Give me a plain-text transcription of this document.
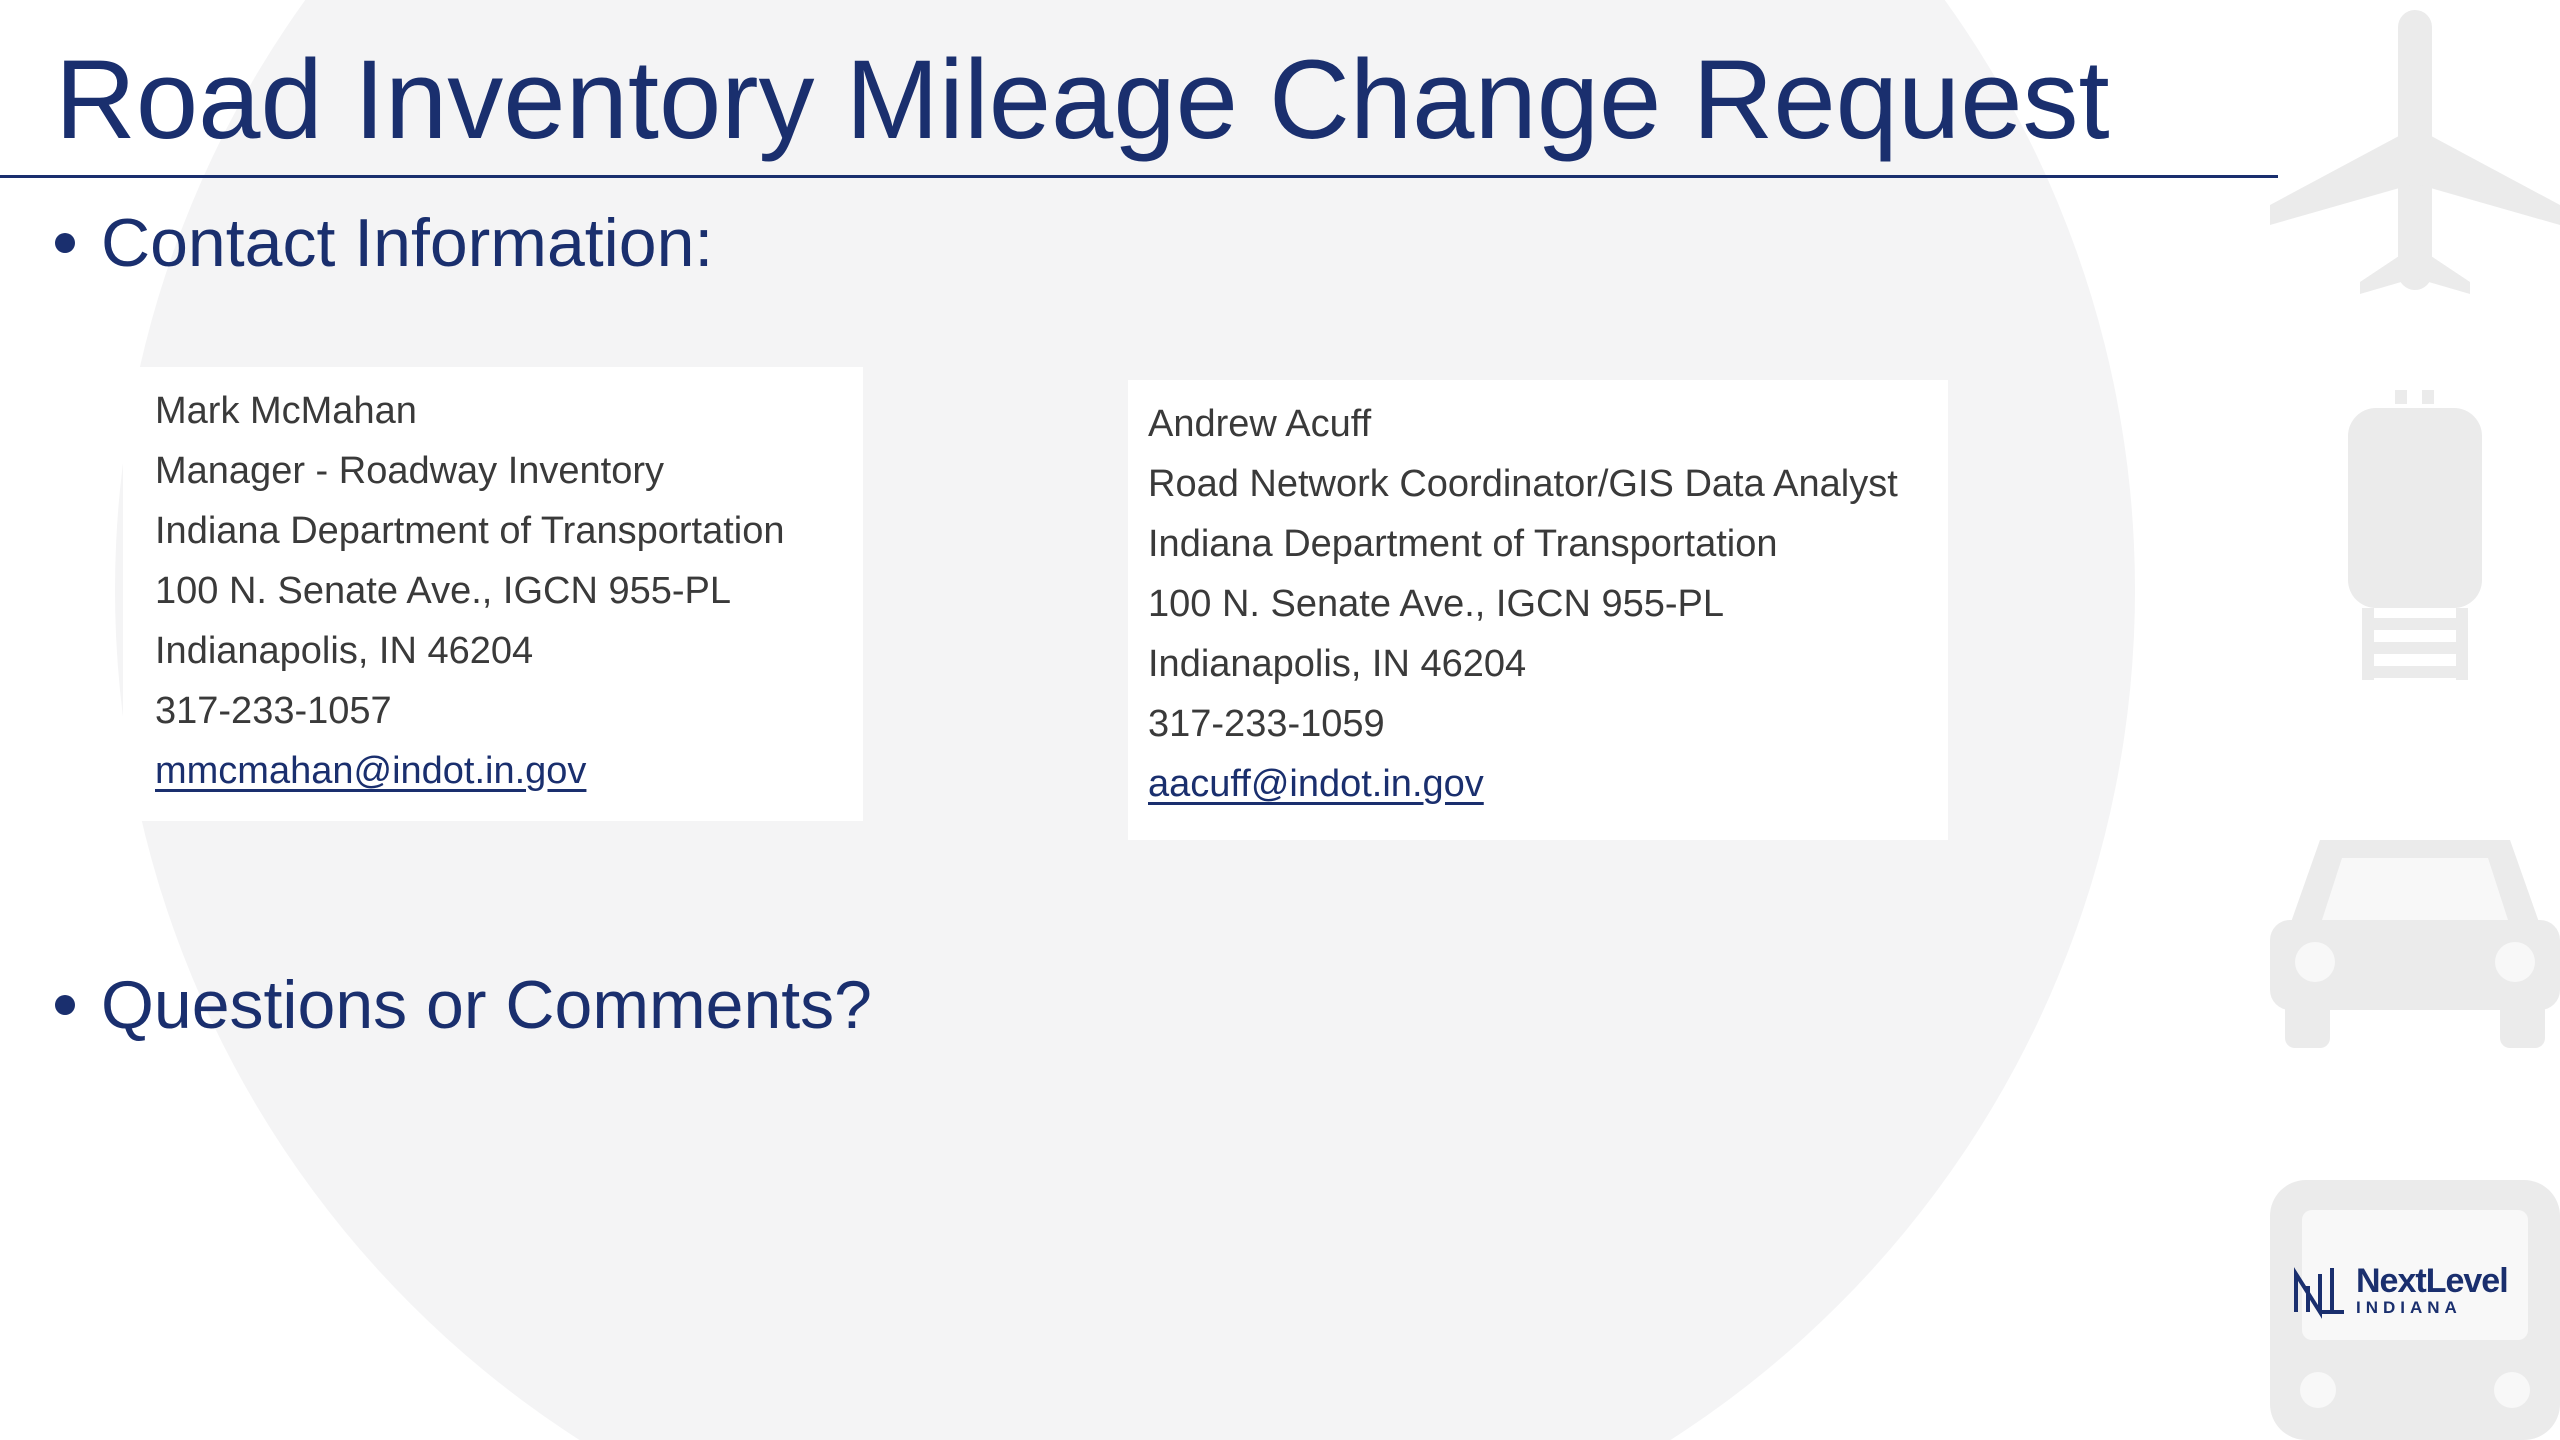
Road Inventory Mileage Change Request
Contact Information:
Mark McMahan
Manager - Roadway Inventory
Indiana Department of Transportation
100 N. Senate Ave., IGCN 955-PL
Indianapolis, IN 46204
317-233-1057
mmcmahan@indot.in.gov
Andrew Acuff
Road Network Coordinator/GIS Data Analyst
Indiana Department of Transportation
100 N. Senate Ave., IGCN 955-PL
Indianapolis, IN 46204
317-233-1059
aacuff@indot.in.gov
Questions or Comments?
NextLevel
INDIANA
